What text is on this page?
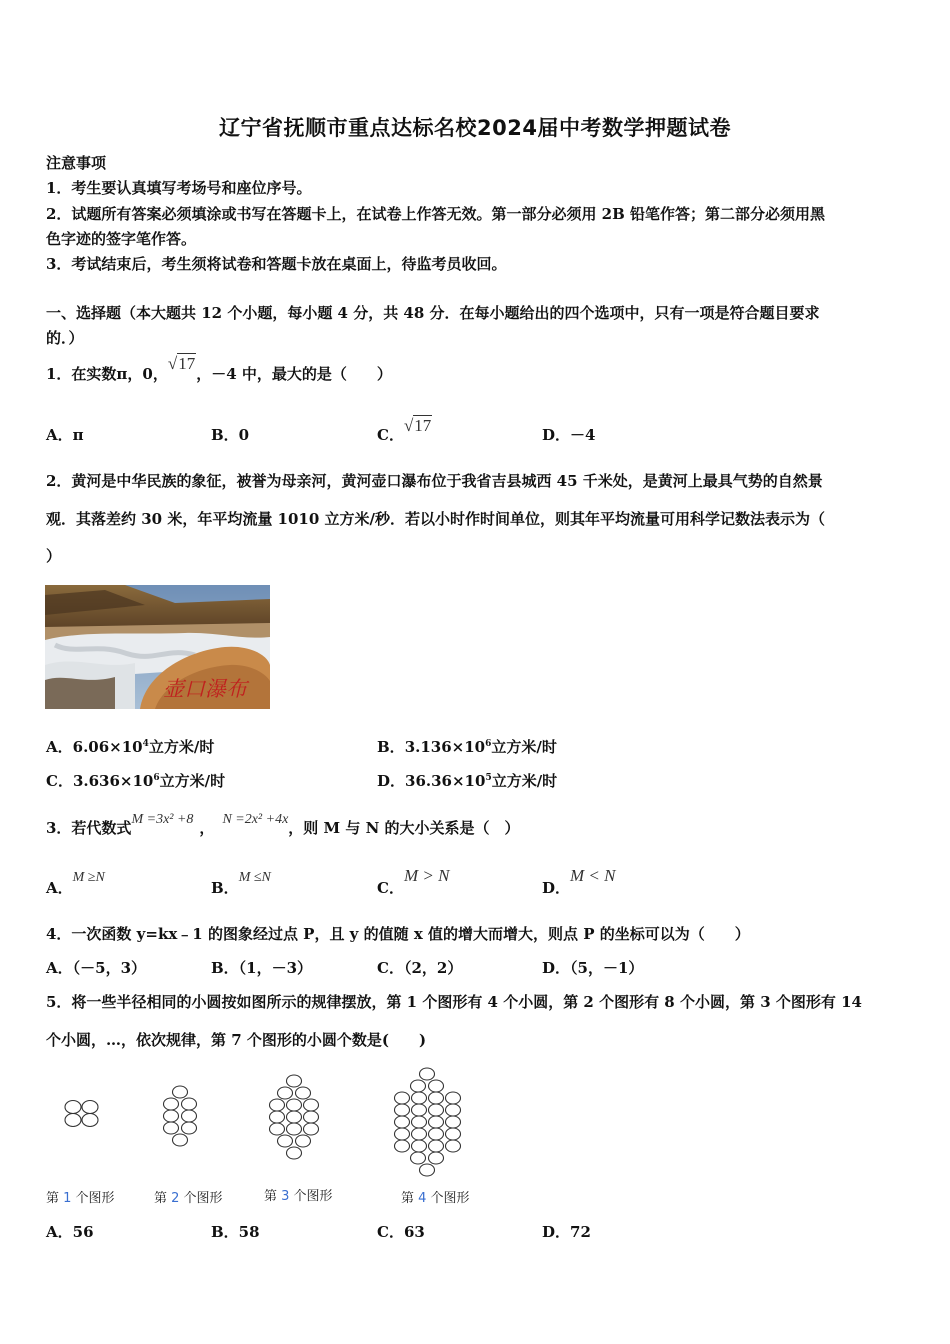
辽宁省抚顺市重点达标名校2024届中考数学押题试卷
注意事项
1．考生要认真填写考场号和座位序号。
2．试题所有答案必须填涂或书写在答题卡上，在试卷上作答无效。第一部分必须用 2B 铅笔作答；第二部分必须用黑
色字迹的签字笔作答。
3．考试结束后，考生须将试卷和答题卡放在桌面上，待监考员收回。
一、选择题（本大题共 12 个小题，每小题 4 分，共 48 分．在每小题给出的四个选项中，只有一项是符合题目要求
的．）
1．在实数π，0，√17，－4 中，最大的是（　　）
A．π	B．0	C．√17	D．－4
2．黄河是中华民族的象征，被誉为母亲河，黄河壶口瀑布位于我省吉县城西 45 千米处，是黄河上最具气势的自然景
观．其落差约 30 米，年平均流量 1010 立方米/秒．若以小时作时间单位，则其年平均流量可用科学记数法表示为（
）
壶口瀑布
A．$6.06\times 10^4$立方米/时	B．$3.136\times 10^6$立方米/时
C．$3.636\times 10^6$立方米/时	D．$36.36\times 10^5$立方米/时
3．若代数式M =3x² +8 ， N =2x² +4x，则 M 与 N 的大小关系是（　）
A．M ≥N
B．M ≤N
C．M > N
D．M < N
4．一次函数 y=kx﹣1 的图象经过点 P，且 y 的值随 x 值的增大而增大，则点 P 的坐标可以为（　　）
A．（－5，3）	B．（1，－3）	C．（2，2）	D．（5，－1）
5．将一些半径相同的小圆按如图所示的规律摆放，第 1 个图形有 4 个小圆，第 2 个图形有 8 个小圆，第 3 个图形有 14
个小圆，…，依次规律，第 7 个图形的小圆个数是(　　)
第 1 个图形	第 2 个图形	第 3 个图形	第 4 个图形
A．56	B．58	C．63	D．72
